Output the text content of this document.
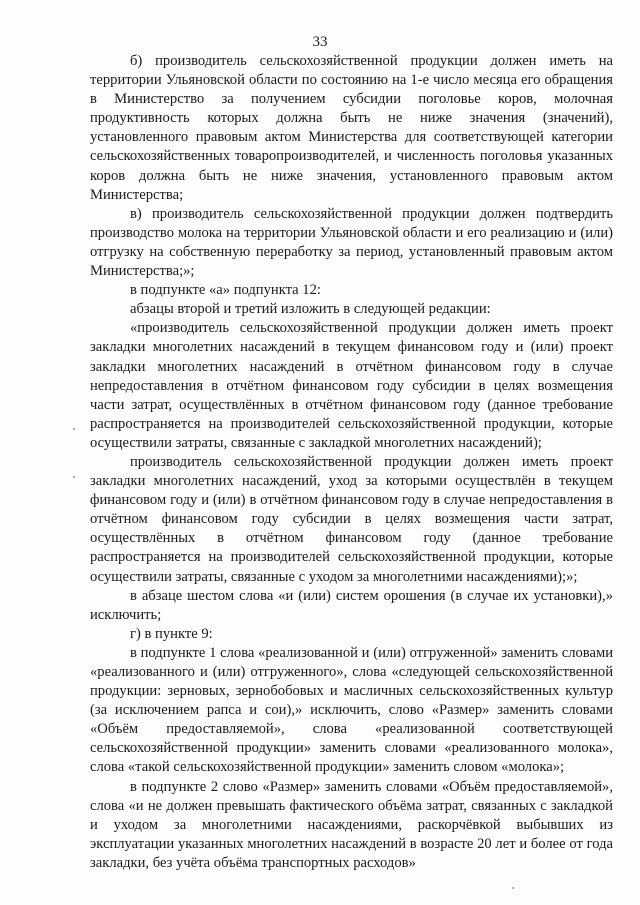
33

б) производитель сельскохозяйственной продукции должен иметь на территории Ульяновской области по состоянию на 1-е число месяца его обращения в Министерство за получением субсидии поголовье коров, молочная продуктивность которых должна быть не ниже значения (значений), установленного правовым актом Министерства для соответствующей категории сельскохозяйственных товаропроизводителей, и численность поголовья указанных коров должна быть не ниже значения, установленного правовым актом Министерства;

в) производитель сельскохозяйственной продукции должен подтвердить производство молока на территории Ульяновской области и его реализацию и (или) отгрузку на собственную переработку за период, установленный правовым актом Министерства;»;

в подпункте «а» подпункта 12:

абзацы второй и третий изложить в следующей редакции:

«производитель сельскохозяйственной продукции должен иметь проект закладки многолетних насаждений в текущем финансовом году и (или) проект закладки многолетних насаждений в отчётном финансовом году в случае непредоставления в отчётном финансовом году субсидии в целях возмещения части затрат, осуществлённых в отчётном финансовом году (данное требование распространяется на производителей сельскохозяйственной продукции, которые осуществили затраты, связанные с закладкой многолетних насаждений);

производитель сельскохозяйственной продукции должен иметь проект закладки многолетних насаждений, уход за которыми осуществлён в текущем финансовом году и (или) в отчётном финансовом году в случае непредоставления в отчётном финансовом году субсидии в целях возмещения части затрат, осуществлённых в отчётном финансовом году (данное требование распространяется на производителей сельскохозяйственной продукции, которые осуществили затраты, связанные с уходом за многолетними насаждениями);»;

в абзаце шестом слова «и (или) систем орошения (в случае их установки),» исключить;

г) в пункте 9:

в подпункте 1 слова «реализованной и (или) отгруженной» заменить словами «реализованного и (или) отгруженного», слова «следующей сельскохозяйственной продукции: зерновых, зернобобовых и масличных сельскохозяйственных культур (за исключением рапса и сои),» исключить, слово «Размер» заменить словами «Объём предоставляемой», слова «реализованной соответствующей сельскохозяйственной продукции» заменить словами «реализованного молока», слова «такой сельскохозяйственной продукции» заменить словом «молока»;

в подпункте 2 слово «Размер» заменить словами «Объём предоставляемой», слова «и не должен превышать фактического объёма затрат, связанных с закладкой и уходом за многолетними насаждениями, раскорчёвкой выбывших из эксплуатации указанных многолетних насаждений в возрасте 20 лет и более от года закладки, без учёта объёма транспортных расходов»
